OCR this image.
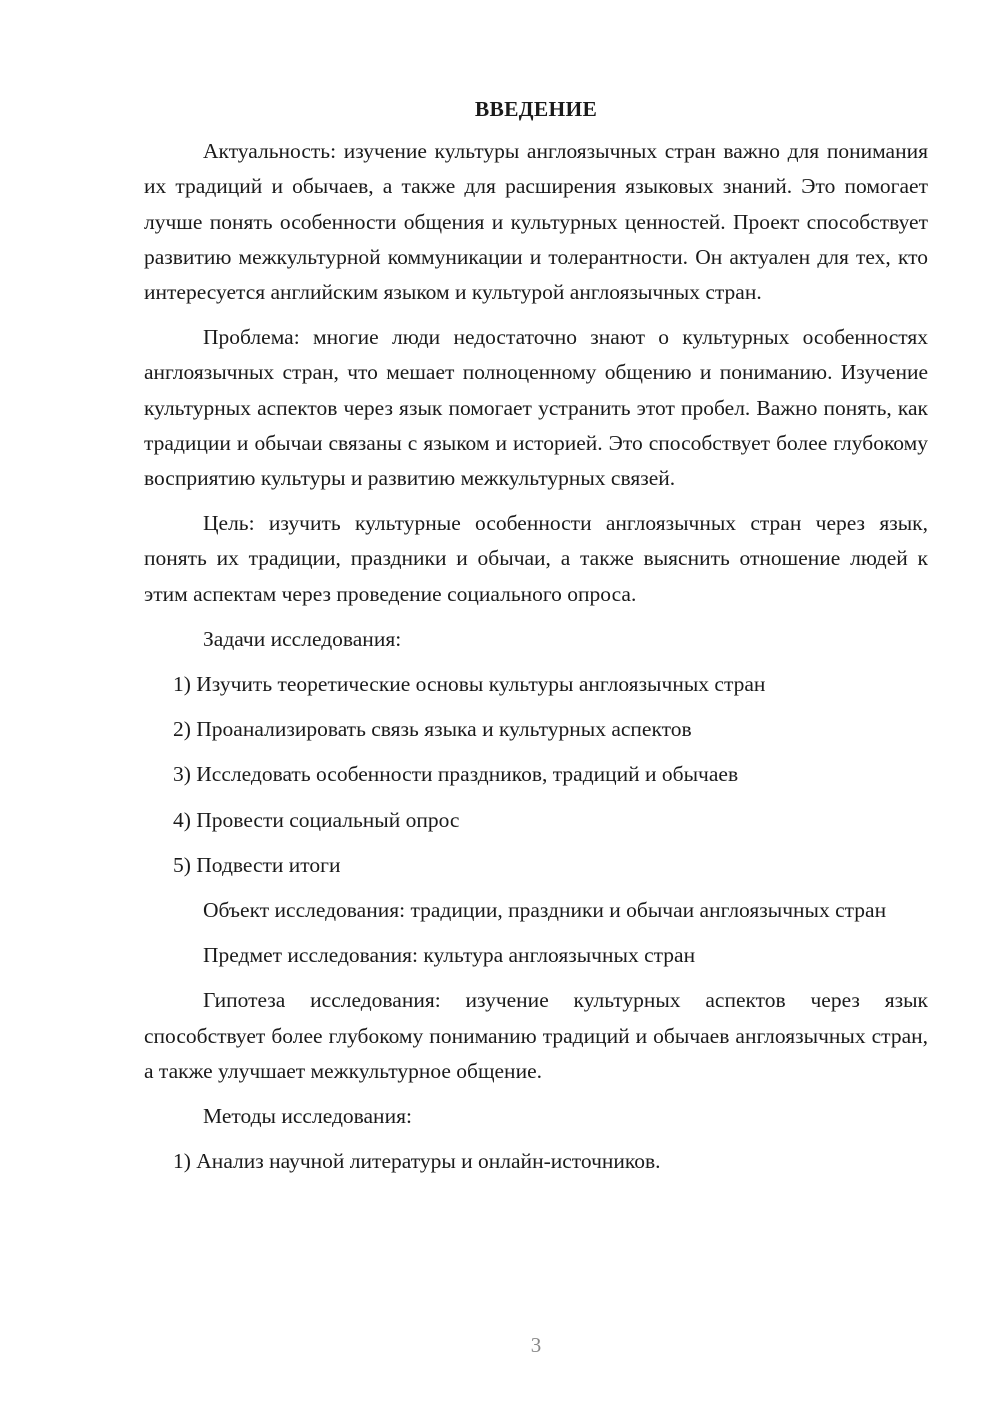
ВВЕДЕНИЕ
Актуальность: изучение культуры англоязычных стран важно для понимания их традиций и обычаев, а также для расширения языковых знаний. Это помогает лучше понять особенности общения и культурных ценностей. Проект способствует развитию межкультурной коммуникации и толерантности. Он актуален для тех, кто интересуется английским языком и культурой англоязычных стран.
Проблема: многие люди недостаточно знают о культурных особенностях англоязычных стран, что мешает полноценному общению и пониманию. Изучение культурных аспектов через язык помогает устранить этот пробел. Важно понять, как традиции и обычаи связаны с языком и историей. Это способствует более глубокому восприятию культуры и развитию межкультурных связей.
Цель: изучить культурные особенности англоязычных стран через язык, понять их традиции, праздники и обычаи, а также выяснить отношение людей к этим аспектам через проведение социального опроса.
Задачи исследования:
1) Изучить теоретические основы культуры англоязычных стран
2) Проанализировать связь языка и культурных аспектов
3) Исследовать особенности праздников, традиций и обычаев
4) Провести социальный опрос
5) Подвести итоги
Объект исследования: традиции, праздники и обычаи англоязычных стран
Предмет исследования: культура англоязычных стран
Гипотеза исследования: изучение культурных аспектов через язык способствует более глубокому пониманию традиций и обычаев англоязычных стран, а также улучшает межкультурное общение.
Методы исследования:
1) Анализ научной литературы и онлайн-источников.
3
